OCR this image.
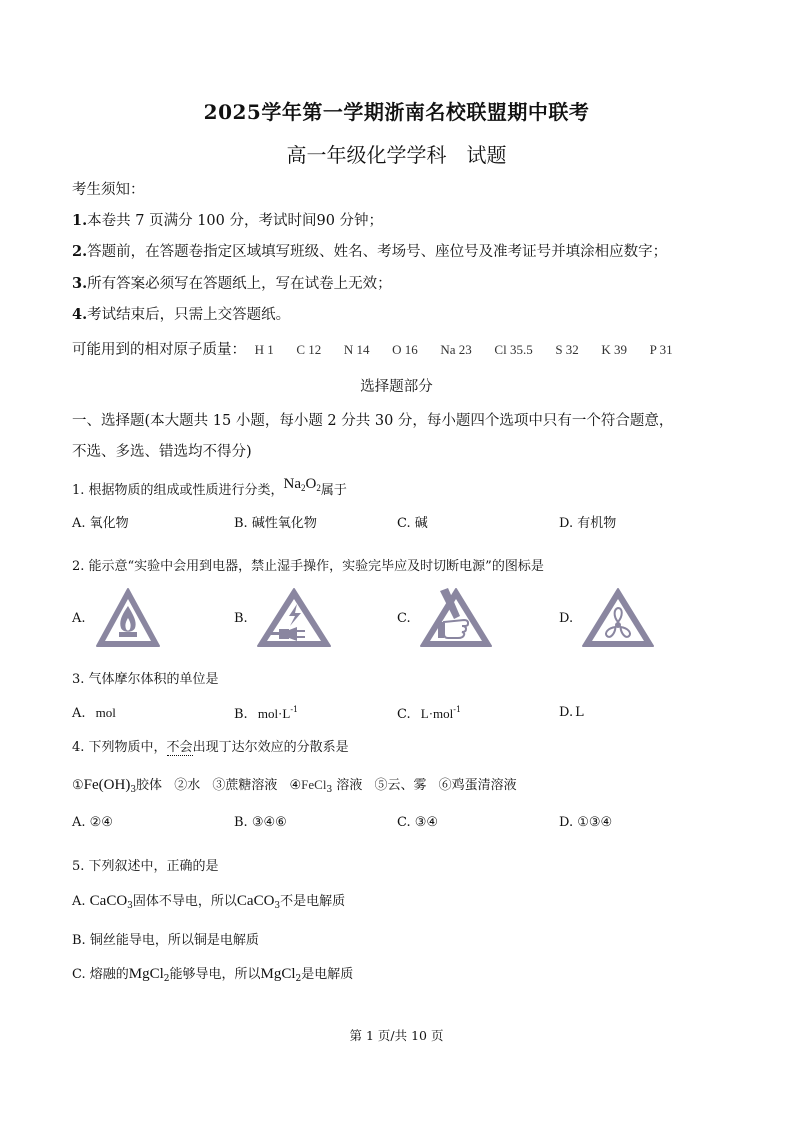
2025学年第一学期浙南名校联盟期中联考
高一年级化学学科　试题
考生须知：
1.本卷共 7 页满分 100 分，考试时间90 分钟；
2.答题前，在答题卷指定区域填写班级、姓名、考场号、座位号及准考证号并填涂相应数字；
3.所有答案必须写在答题纸上，写在试卷上无效；
4.考试结束后，只需上交答题纸。
可能用到的相对原子质量： H 1 C 12 N 14 O 16 Na 23 Cl 35.5 S 32 K 39 P 31
选择题部分
一、选择题(本大题共 15 小题，每小题 2 分共 30 分，每小题四个选项中只有一个符合题意，
不选、多选、错选均不得分)
1. 根据物质的组成或性质进行分类，$Na_2O_2$属于
A. 氧化物	B. 碱性氧化物	C. 碱	D. 有机物
2. 能示意“实验中会用到电器，禁止湿手操作，实验完毕应及时切断电源”的图标是
A.	B.	C.	D.
3. 气体摩尔体积的单位是
A. mol	B. $mol\cdot L^{-1}$	C. L·mol$^{-1}$	D. L
4. 下列物质中，不会出现丁达尔效应的分散系是
$①Fe(OH)_3$胶体 ②水 ③蔗糖溶液 ④FeCl$_3$ 溶液 ⑤云、雾 ⑥鸡蛋清溶液
A. ②④	B. ③④⑥	C. ③④	D. ①③④
5. 下列叙述中，正确的是
A. CaCO$_3$固体不导电，所以CaCO$_3$不是电解质
B. 铜丝能导电，所以铜是电解质
C. 熔融的MgCl$_2$能够导电，所以MgCl$_2$是电解质
第 1 页/共 10 页
